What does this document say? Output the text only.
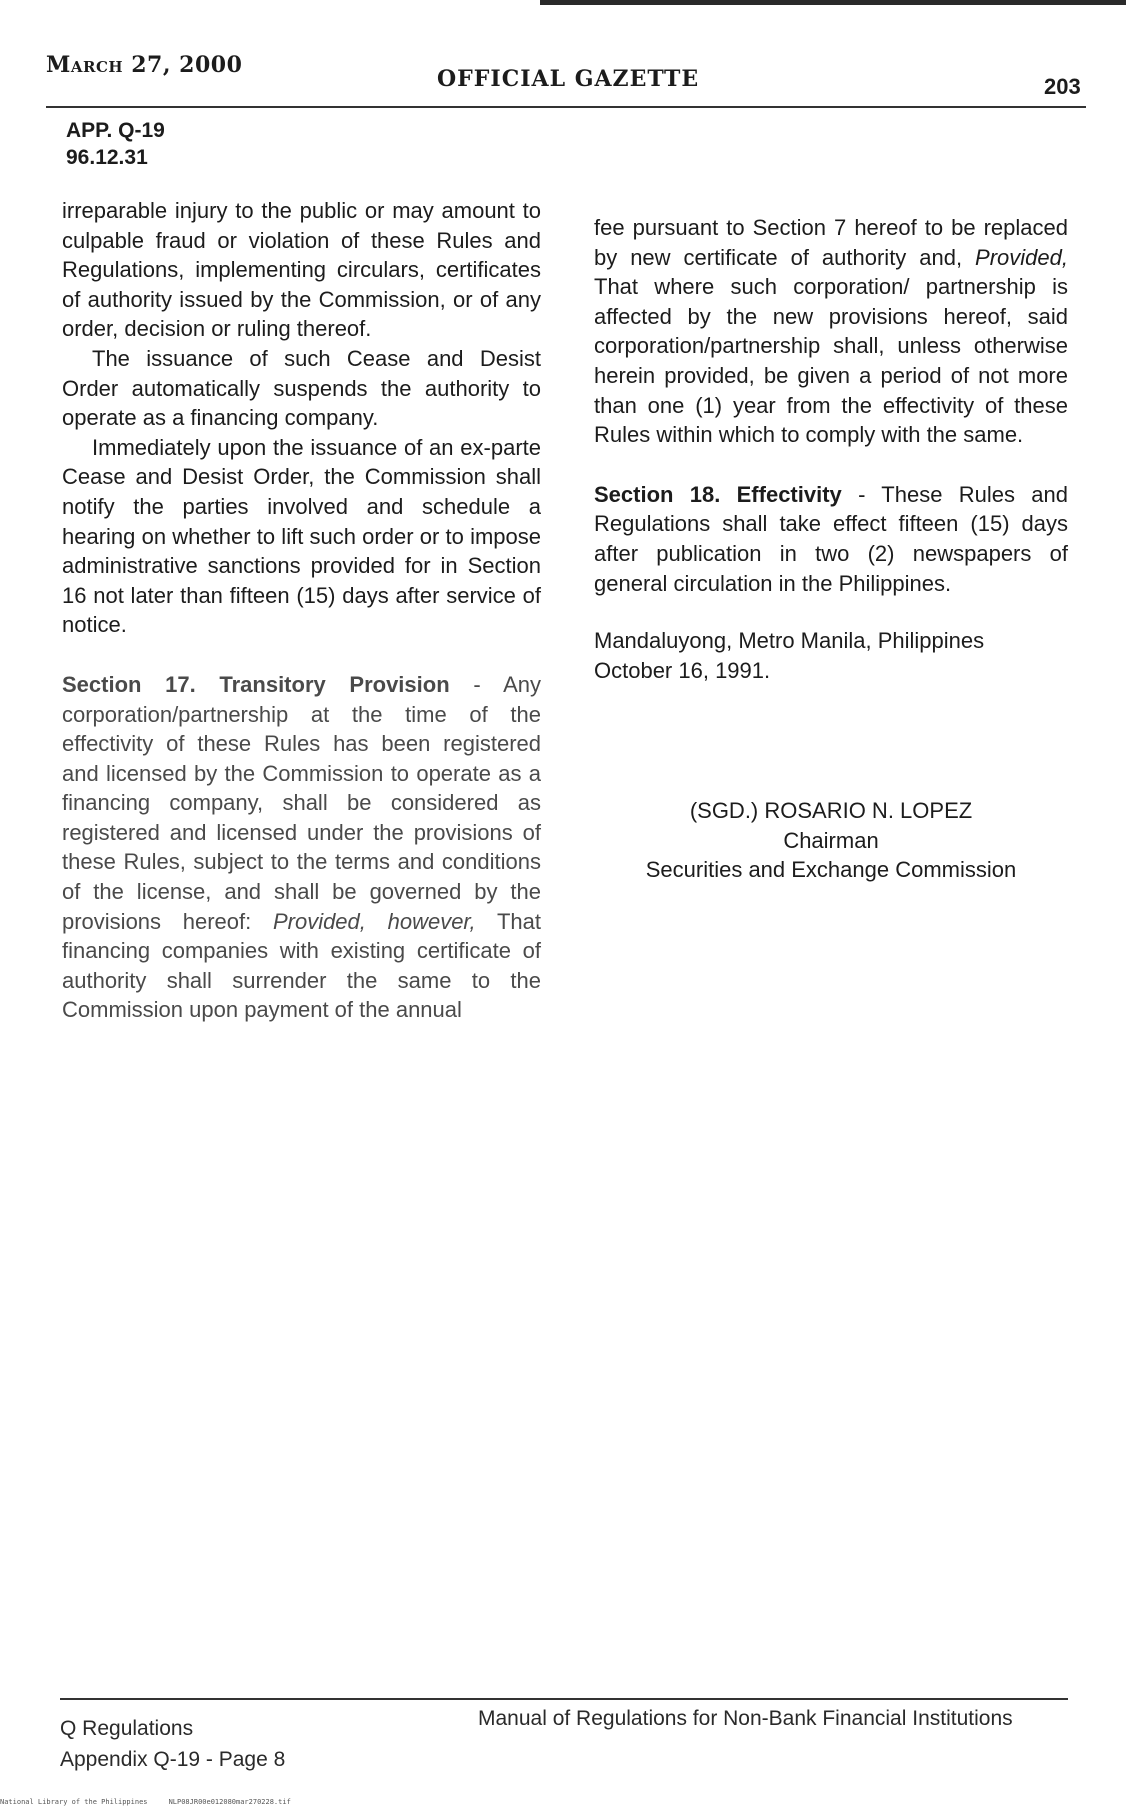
March 27, 2000
OFFICIAL GAZETTE	203
APP. Q-19
96.12.31

irreparable injury to the public or may amount to culpable fraud or violation of these Rules and Regulations, implementing circulars, certificates of authority issued by the Commission, or of any order, decision or ruling thereof.

The issuance of such Cease and Desist Order automatically suspends the authority to operate as a financing company.

Immediately upon the issuance of an ex-parte Cease and Desist Order, the Commission shall notify the parties involved and schedule a hearing on whether to lift such order or to impose administrative sanctions provided for in Section 16 not later than fifteen (15) days after service of notice.

Section 17. Transitory Provision - Any corporation/partnership at the time of the effectivity of these Rules has been registered and licensed by the Commission to operate as a financing company, shall be considered as registered and licensed under the provisions of these Rules, subject to the terms and conditions of the license, and shall be governed by the provisions hereof: Provided, however, That financing companies with existing certificate of authority shall surrender the same to the Commission upon payment of the annual

fee pursuant to Section 7 hereof to be replaced by new certificate of authority and, Provided, That where such corporation/ partnership is affected by the new provisions hereof, said corporation/partnership shall, unless otherwise herein provided, be given a period of not more than one (1) year from the effectivity of these Rules within which to comply with the same.

Section 18. Effectivity - These Rules and Regulations shall take effect fifteen (15) days after publication in two (2) newspapers of general circulation in the Philippines.

Mandaluyong, Metro Manila, Philippines

October 16, 1991.

(SGD.) ROSARIO N. LOPEZ
Chairman
Securities and Exchange Commission
Q Regulations
Appendix Q-19 - Page 8
Manual of Regulations for Non-Bank Financial Institutions
National Library of the Philippines     NLP08JR00e012080mar270228.tif
